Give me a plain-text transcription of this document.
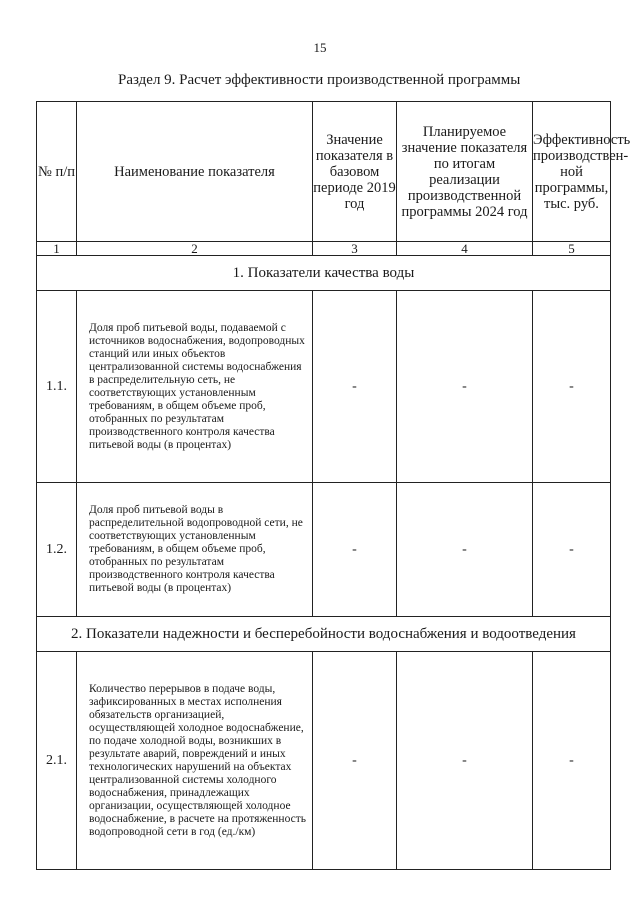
15
Раздел 9. Расчет эффективности производственной программы
№ п/п	Наименование показателя	Значение показателя в базовом периоде 2019 год	Планируемое значение показателя по итогам реализации производственной программы 2024 год	Эффективность производствен-ной программы, тыс. руб.
1	2	3	4	5
1. Показатели качества воды				
1.1.	Доля проб питьевой воды, подаваемой с источников водоснабжения, водопроводных станций или иных объектов централизованной системы водоснабжения в распределительную сеть, не соответствующих установленным требованиям, в общем объеме проб, отобранных по результатам производственного контроля качества питьевой воды (в процентах)	-	-	-
1.2.	Доля проб питьевой воды в распределительной водопроводной сети, не соответствующих установленным требованиям, в общем объеме проб, отобранных по результатам производственного контроля качества питьевой воды (в процентах)	-	-	-
2. Показатели надежности и бесперебойности водоснабжения и водоотведения				
2.1.	Количество перерывов в подаче воды, зафиксированных в местах исполнения обязательств организацией, осуществляющей холодное водоснабжение, по подаче холодной воды, возникших в результате аварий, повреждений и иных технологических нарушений на объектах централизованной системы холодного водоснабжения, принадлежащих организации, осуществляющей холодное водоснабжение, в расчете на протяженность водопроводной сети в год (ед./км)	-	-	-
